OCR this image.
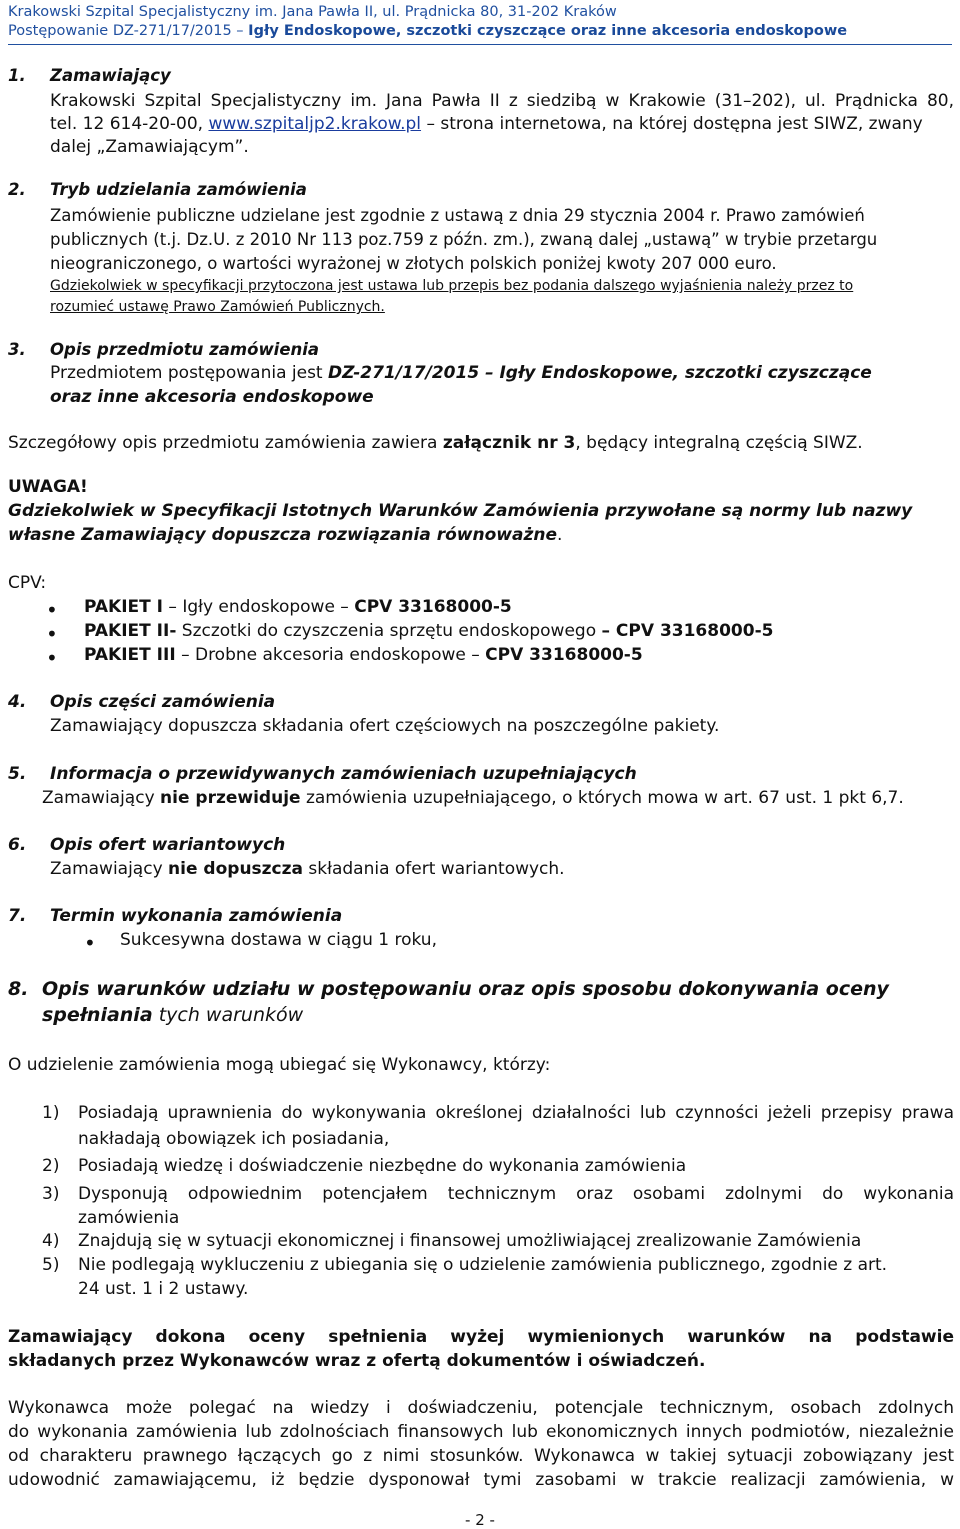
Krakowski Szpital Specjalistyczny im. Jana Pawła II, ul. Prądnicka 80, 31-202 Kraków
Postępowanie DZ-271/17/2015 – Igły Endoskopowe, szczotki czyszczące oraz inne akcesoria endoskopowe
1. Zamawiający
Krakowski Szpital Specjalistyczny im. Jana Pawła II z siedzibą w Krakowie (31–202), ul. Prądnicka 80,
tel. 12 614-20-00, www.szpitaljp2.krakow.pl – strona internetowa, na której dostępna jest SIWZ, zwany
dalej „Zamawiającym”.
2. Tryb udzielania zamówienia
Zamówienie publiczne udzielane jest zgodnie z ustawą z dnia 29 stycznia 2004 r. Prawo zamówień
publicznych (t.j. Dz.U. z 2010 Nr 113 poz.759 z późn. zm.), zwaną dalej „ustawą” w trybie przetargu
nieograniczonego, o wartości wyrażonej w złotych polskich poniżej kwoty 207 000 euro.
Gdziekolwiek w specyfikacji przytoczona jest ustawa lub przepis bez podania dalszego wyjaśnienia należy przez to
rozumieć ustawę Prawo Zamówień Publicznych.
3. Opis przedmiotu zamówienia
Przedmiotem postępowania jest DZ-271/17/2015 – Igły Endoskopowe, szczotki czyszczące
oraz inne akcesoria endoskopowe
Szczegółowy opis przedmiotu zamówienia zawiera załącznik nr 3, będący integralną częścią SIWZ.
UWAGA!
Gdziekolwiek w Specyfikacji Istotnych Warunków Zamówienia przywołane są normy lub nazwy
własne Zamawiający dopuszcza rozwiązania równoważne.
CPV:
• PAKIET I – Igły endoskopowe – CPV 33168000-5
• PAKIET II- Szczotki do czyszczenia sprzętu endoskopowego – CPV 33168000-5
• PAKIET III – Drobne akcesoria endoskopowe – CPV 33168000-5
4. Opis części zamówienia
Zamawiający dopuszcza składania ofert częściowych na poszczególne pakiety.
5. Informacja o przewidywanych zamówieniach uzupełniających
Zamawiający nie przewiduje zamówienia uzupełniającego, o których mowa w art. 67 ust. 1 pkt 6,7.
6. Opis ofert wariantowych
Zamawiający nie dopuszcza składania ofert wariantowych.
7. Termin wykonania zamówienia
• Sukcesywna dostawa w ciągu 1 roku,
8. Opis warunków udziału w postępowaniu oraz opis sposobu dokonywania oceny
spełniania tych warunków
O udzielenie zamówienia mogą ubiegać się Wykonawcy, którzy:
1) Posiadają uprawnienia do wykonywania określonej działalności lub czynności jeżeli przepisy prawa
nakładają obowiązek ich posiadania,
2) Posiadają wiedzę i doświadczenie niezbędne do wykonania zamówienia
3) Dysponują odpowiednim potencjałem technicznym oraz osobami zdolnymi do wykonania
zamówienia
4) Znajdują się w sytuacji ekonomicznej i finansowej umożliwiającej zrealizowanie Zamówienia
5) Nie podlegają wykluczeniu z ubiegania się o udzielenie zamówienia publicznego, zgodnie z art.
24 ust. 1 i 2 ustawy.
Zamawiający dokona oceny spełnienia wyżej wymienionych warunków na podstawie
składanych przez Wykonawców wraz z ofertą dokumentów i oświadczeń.
Wykonawca może polegać na wiedzy i doświadczeniu, potencjale technicznym, osobach zdolnych
do wykonania zamówienia lub zdolnościach finansowych lub ekonomicznych innych podmiotów, niezależnie
od charakteru prawnego łączących go z nimi stosunków. Wykonawca w takiej sytuacji zobowiązany jest
udowodnić zamawiającemu, iż będzie dysponował tymi zasobami w trakcie realizacji zamówienia, w
- 2 -
